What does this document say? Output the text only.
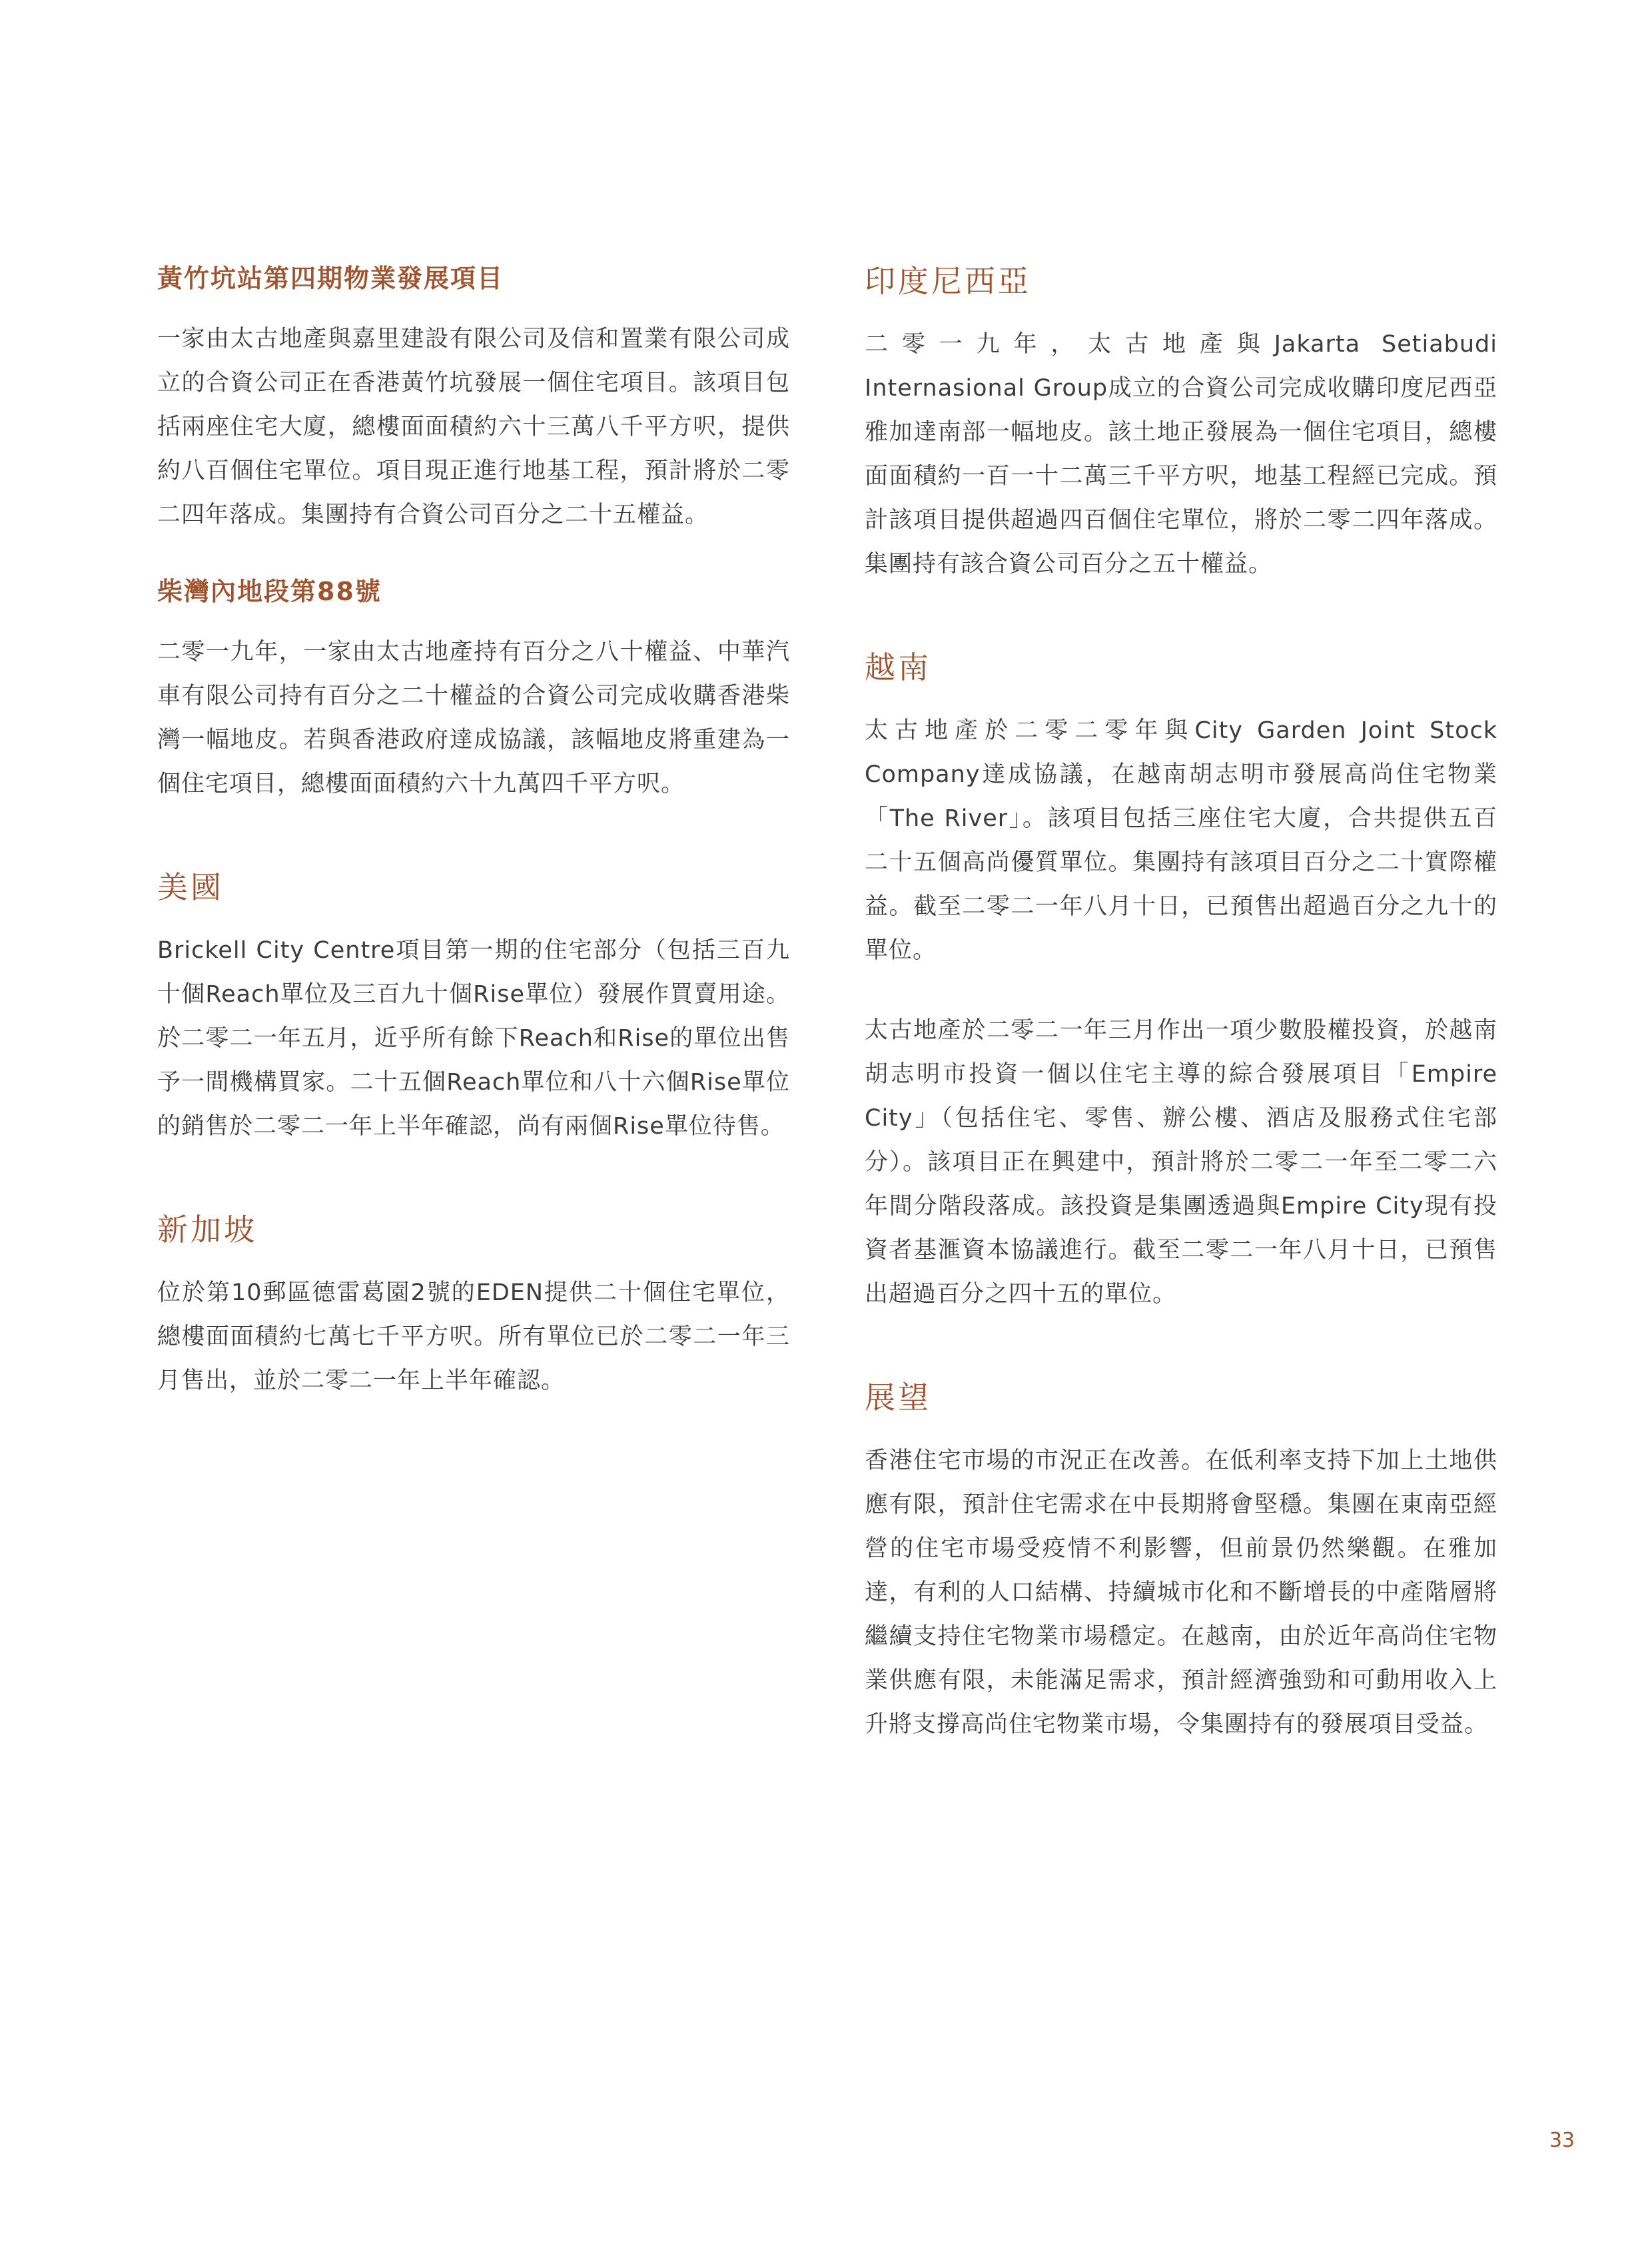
黃竹坑站第四期物業發展項目

一家由太古地產與嘉里建設有限公司及信和置業有限公司成立的合資公司正在香港黃竹坑發展一個住宅項目。該項目包括兩座住宅大廈，總樓面面積約六十三萬八千平方呎，提供約八百個住宅單位。項目現正進行地基工程，預計將於二零二四年落成。集團持有合資公司百分之二十五權益。

柴灣內地段第88號

二零一九年，一家由太古地產持有百分之八十權益、中華汽車有限公司持有百分之二十權益的合資公司完成收購香港柴灣一幅地皮。若與香港政府達成協議，該幅地皮將重建為一個住宅項目，總樓面面積約六十九萬四千平方呎。

美國

Brickell City Centre項目第一期的住宅部分（包括三百九十個Reach單位及三百九十個Rise單位）發展作買賣用途。於二零二一年五月，近乎所有餘下Reach和Rise的單位出售予一間機構買家。二十五個Reach單位和八十六個Rise單位的銷售於二零二一年上半年確認，尚有兩個Rise單位待售。

新加坡

位於第10郵區德雷葛園2號的EDEN提供二十個住宅單位，總樓面面積約七萬七千平方呎。所有單位已於二零二一年三月售出，並於二零二一年上半年確認。

印度尼西亞

二零一九年，太古地產與Jakarta Setiabudi Internasional Group成立的合資公司完成收購印度尼西亞雅加達南部一幅地皮。該土地正發展為一個住宅項目，總樓面面積約一百一十二萬三千平方呎，地基工程經已完成。預計該項目提供超過四百個住宅單位，將於二零二四年落成。集團持有該合資公司百分之五十權益。

越南

太古地產於二零二零年與City Garden Joint Stock Company達成協議，在越南胡志明市發展高尚住宅物業「The River」。該項目包括三座住宅大廈，合共提供五百二十五個高尚優質單位。集團持有該項目百分之二十實際權益。截至二零二一年八月十日，已預售出超過百分之九十的單位。

太古地產於二零二一年三月作出一項少數股權投資，於越南胡志明市投資一個以住宅主導的綜合發展項目「Empire City」（包括住宅、零售、辦公樓、酒店及服務式住宅部分）。該項目正在興建中，預計將於二零二一年至二零二六年間分階段落成。該投資是集團透過與Empire City現有投資者基滙資本協議進行。截至二零二一年八月十日，已預售出超過百分之四十五的單位。

展望

香港住宅市場的市況正在改善。在低利率支持下加上土地供應有限，預計住宅需求在中長期將會堅穩。集團在東南亞經營的住宅市場受疫情不利影響，但前景仍然樂觀。在雅加達，有利的人口結構、持續城市化和不斷增長的中產階層將繼續支持住宅物業市場穩定。在越南，由於近年高尚住宅物業供應有限，未能滿足需求，預計經濟強勁和可動用收入上升將支撐高尚住宅物業市場，令集團持有的發展項目受益。

33
